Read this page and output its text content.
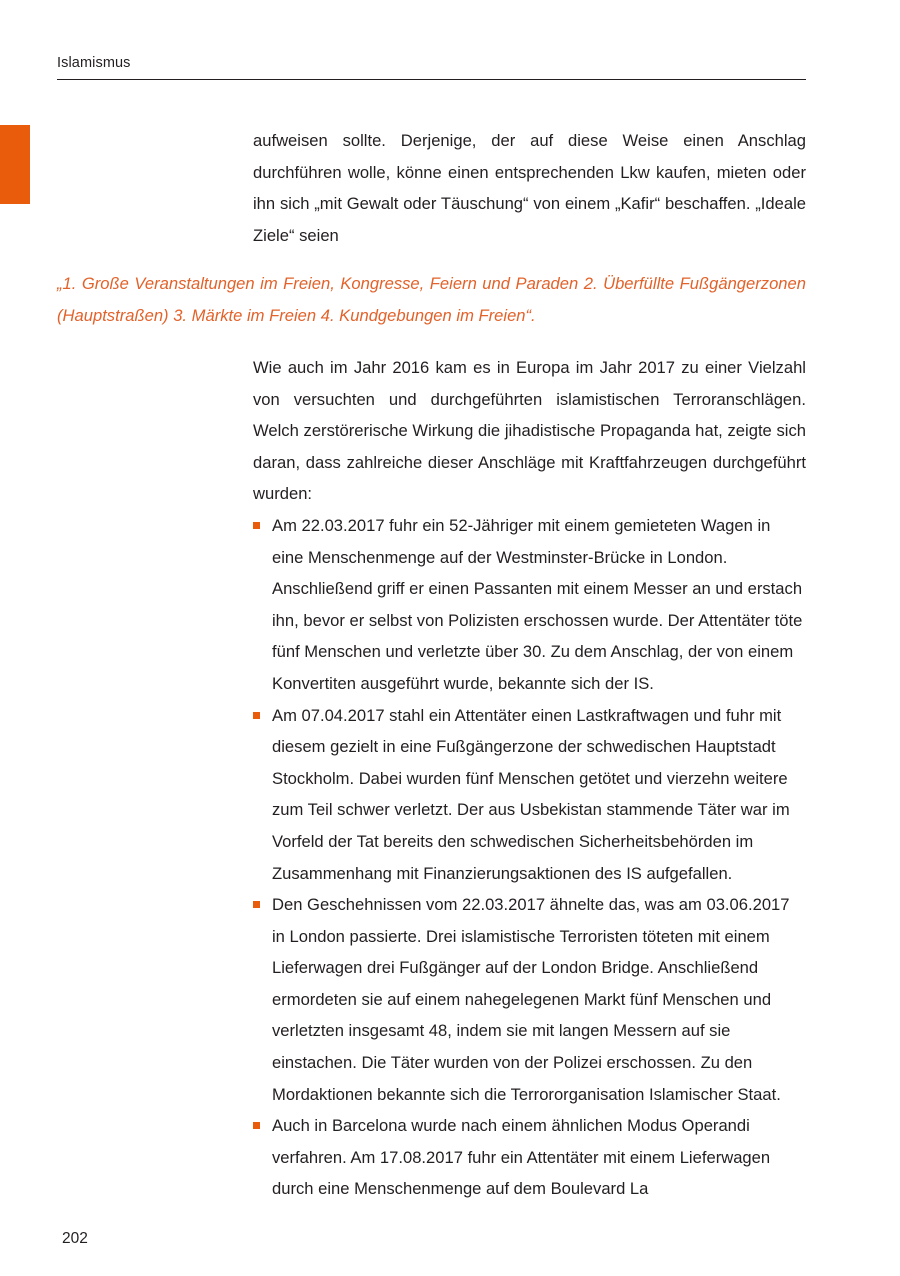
Islamismus

aufweisen sollte. Derjenige, der auf diese Weise einen Anschlag durchführen wolle, könne einen entsprechenden Lkw kaufen, mieten oder ihn sich „mit Gewalt oder Täuschung“ von einem „Kafir“ beschaffen. „Ideale Ziele“ seien

„1. Große Veranstaltungen im Freien, Kongresse, Feiern und Paraden 2. Überfüllte Fußgängerzonen (Hauptstraßen) 3. Märkte im Freien 4. Kundgebungen im Freien“.

Wie auch im Jahr 2016 kam es in Europa im Jahr 2017 zu einer Vielzahl von versuchten und durchgeführten islamistischen Terroranschlägen. Welch zerstörerische Wirkung die jihadistische Propaganda hat, zeigte sich daran, dass zahlreiche dieser Anschläge mit Kraftfahrzeugen durchgeführt wurden:

Am 22.03.2017 fuhr ein 52-Jähriger mit einem gemieteten Wagen in eine Menschenmenge auf der Westminster-Brücke in London. Anschließend griff er einen Passanten mit einem Messer an und erstach ihn, bevor er selbst von Polizisten erschossen wurde. Der Attentäter töte fünf Menschen und verletzte über 30. Zu dem Anschlag, der von einem Konvertiten ausgeführt wurde, bekannte sich der IS.
Am 07.04.2017 stahl ein Attentäter einen Lastkraftwagen und fuhr mit diesem gezielt in eine Fußgängerzone der schwedischen Hauptstadt Stockholm. Dabei wurden fünf Menschen getötet und vierzehn weitere zum Teil schwer verletzt. Der aus Usbekistan stammende Täter war im Vorfeld der Tat bereits den schwedischen Sicherheitsbehörden im Zusammenhang mit Finanzierungsaktionen des IS aufgefallen.
Den Geschehnissen vom 22.03.2017 ähnelte das, was am 03.06.2017 in London passierte. Drei islamistische Terroristen töteten mit einem Lieferwagen drei Fußgänger auf der London Bridge. Anschließend ermordeten sie auf einem nahegelegenen Markt fünf Menschen und verletzten insgesamt 48, indem sie mit langen Messern auf sie einstachen. Die Täter wurden von der Polizei erschossen. Zu den Mordaktionen bekannte sich die Terrororganisation Islamischer Staat.
Auch in Barcelona wurde nach einem ähnlichen Modus Operandi verfahren. Am 17.08.2017 fuhr ein Attentäter mit einem Lieferwagen durch eine Menschenmenge auf dem Boulevard La
202
